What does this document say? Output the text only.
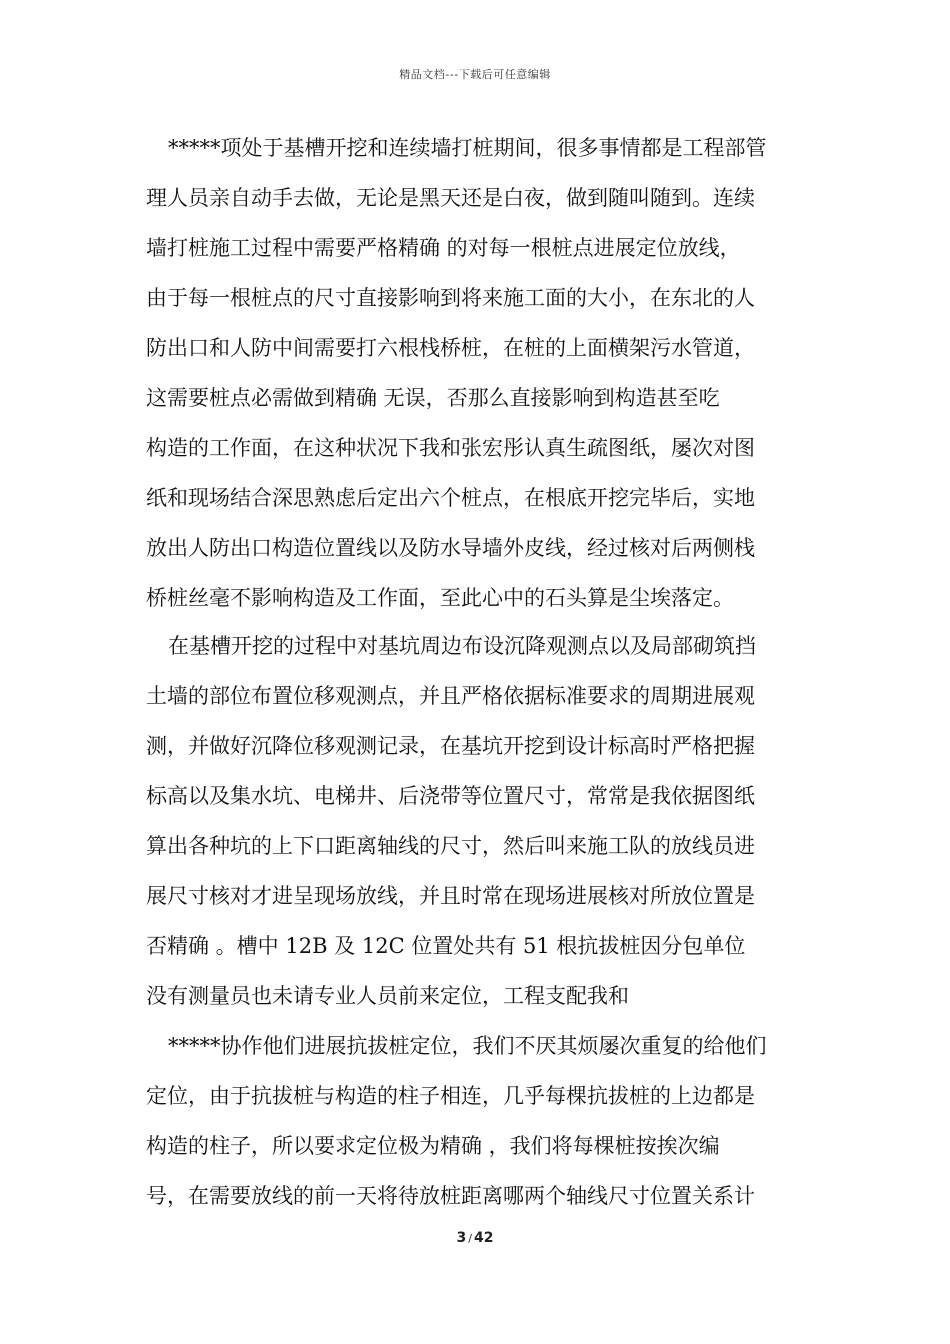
精品文档---下载后可任意编辑
*****项处于基槽开挖和连续墙打桩期间，很多事情都是工程部管
理人员亲自动手去做，无论是黑天还是白夜，做到随叫随到。连续
墙打桩施工过程中需要严格精确 的对每一根桩点进展定位放线，
由于每一根桩点的尺寸直接影响到将来施工面的大小，在东北的人
防出口和人防中间需要打六根栈桥桩，在桩的上面横架污水管道，
这需要桩点必需做到精确 无误，否那么直接影响到构造甚至吃
构造的工作面，在这种状况下我和张宏彤认真生疏图纸，屡次对图
纸和现场结合深思熟虑后定出六个桩点，在根底开挖完毕后，实地
放出人防出口构造位置线以及防水导墙外皮线，经过核对后两侧栈
桥桩丝毫不影响构造及工作面，至此心中的石头算是尘埃落定。
在基槽开挖的过程中对基坑周边布设沉降观测点以及局部砌筑挡
土墙的部位布置位移观测点，并且严格依据标准要求的周期进展观
测，并做好沉降位移观测记录，在基坑开挖到设计标高时严格把握
标高以及集水坑、电梯井、后浇带等位置尺寸，常常是我依据图纸
算出各种坑的上下口距离轴线的尺寸，然后叫来施工队的放线员进
展尺寸核对才进呈现场放线，并且时常在现场进展核对所放位置是
否精确 。槽中 12B 及 12C 位置处共有 51 根抗拔桩因分包单位
没有测量员也未请专业人员前来定位，工程支配我和
*****协作他们进展抗拔桩定位，我们不厌其烦屡次重复的给他们
定位，由于抗拔桩与构造的柱子相连，几乎每棵抗拔桩的上边都是
构造的柱子，所以要求定位极为精确 ，我们将每棵桩按挨次编
号，在需要放线的前一天将待放桩距离哪两个轴线尺寸位置关系计
3 / 42
